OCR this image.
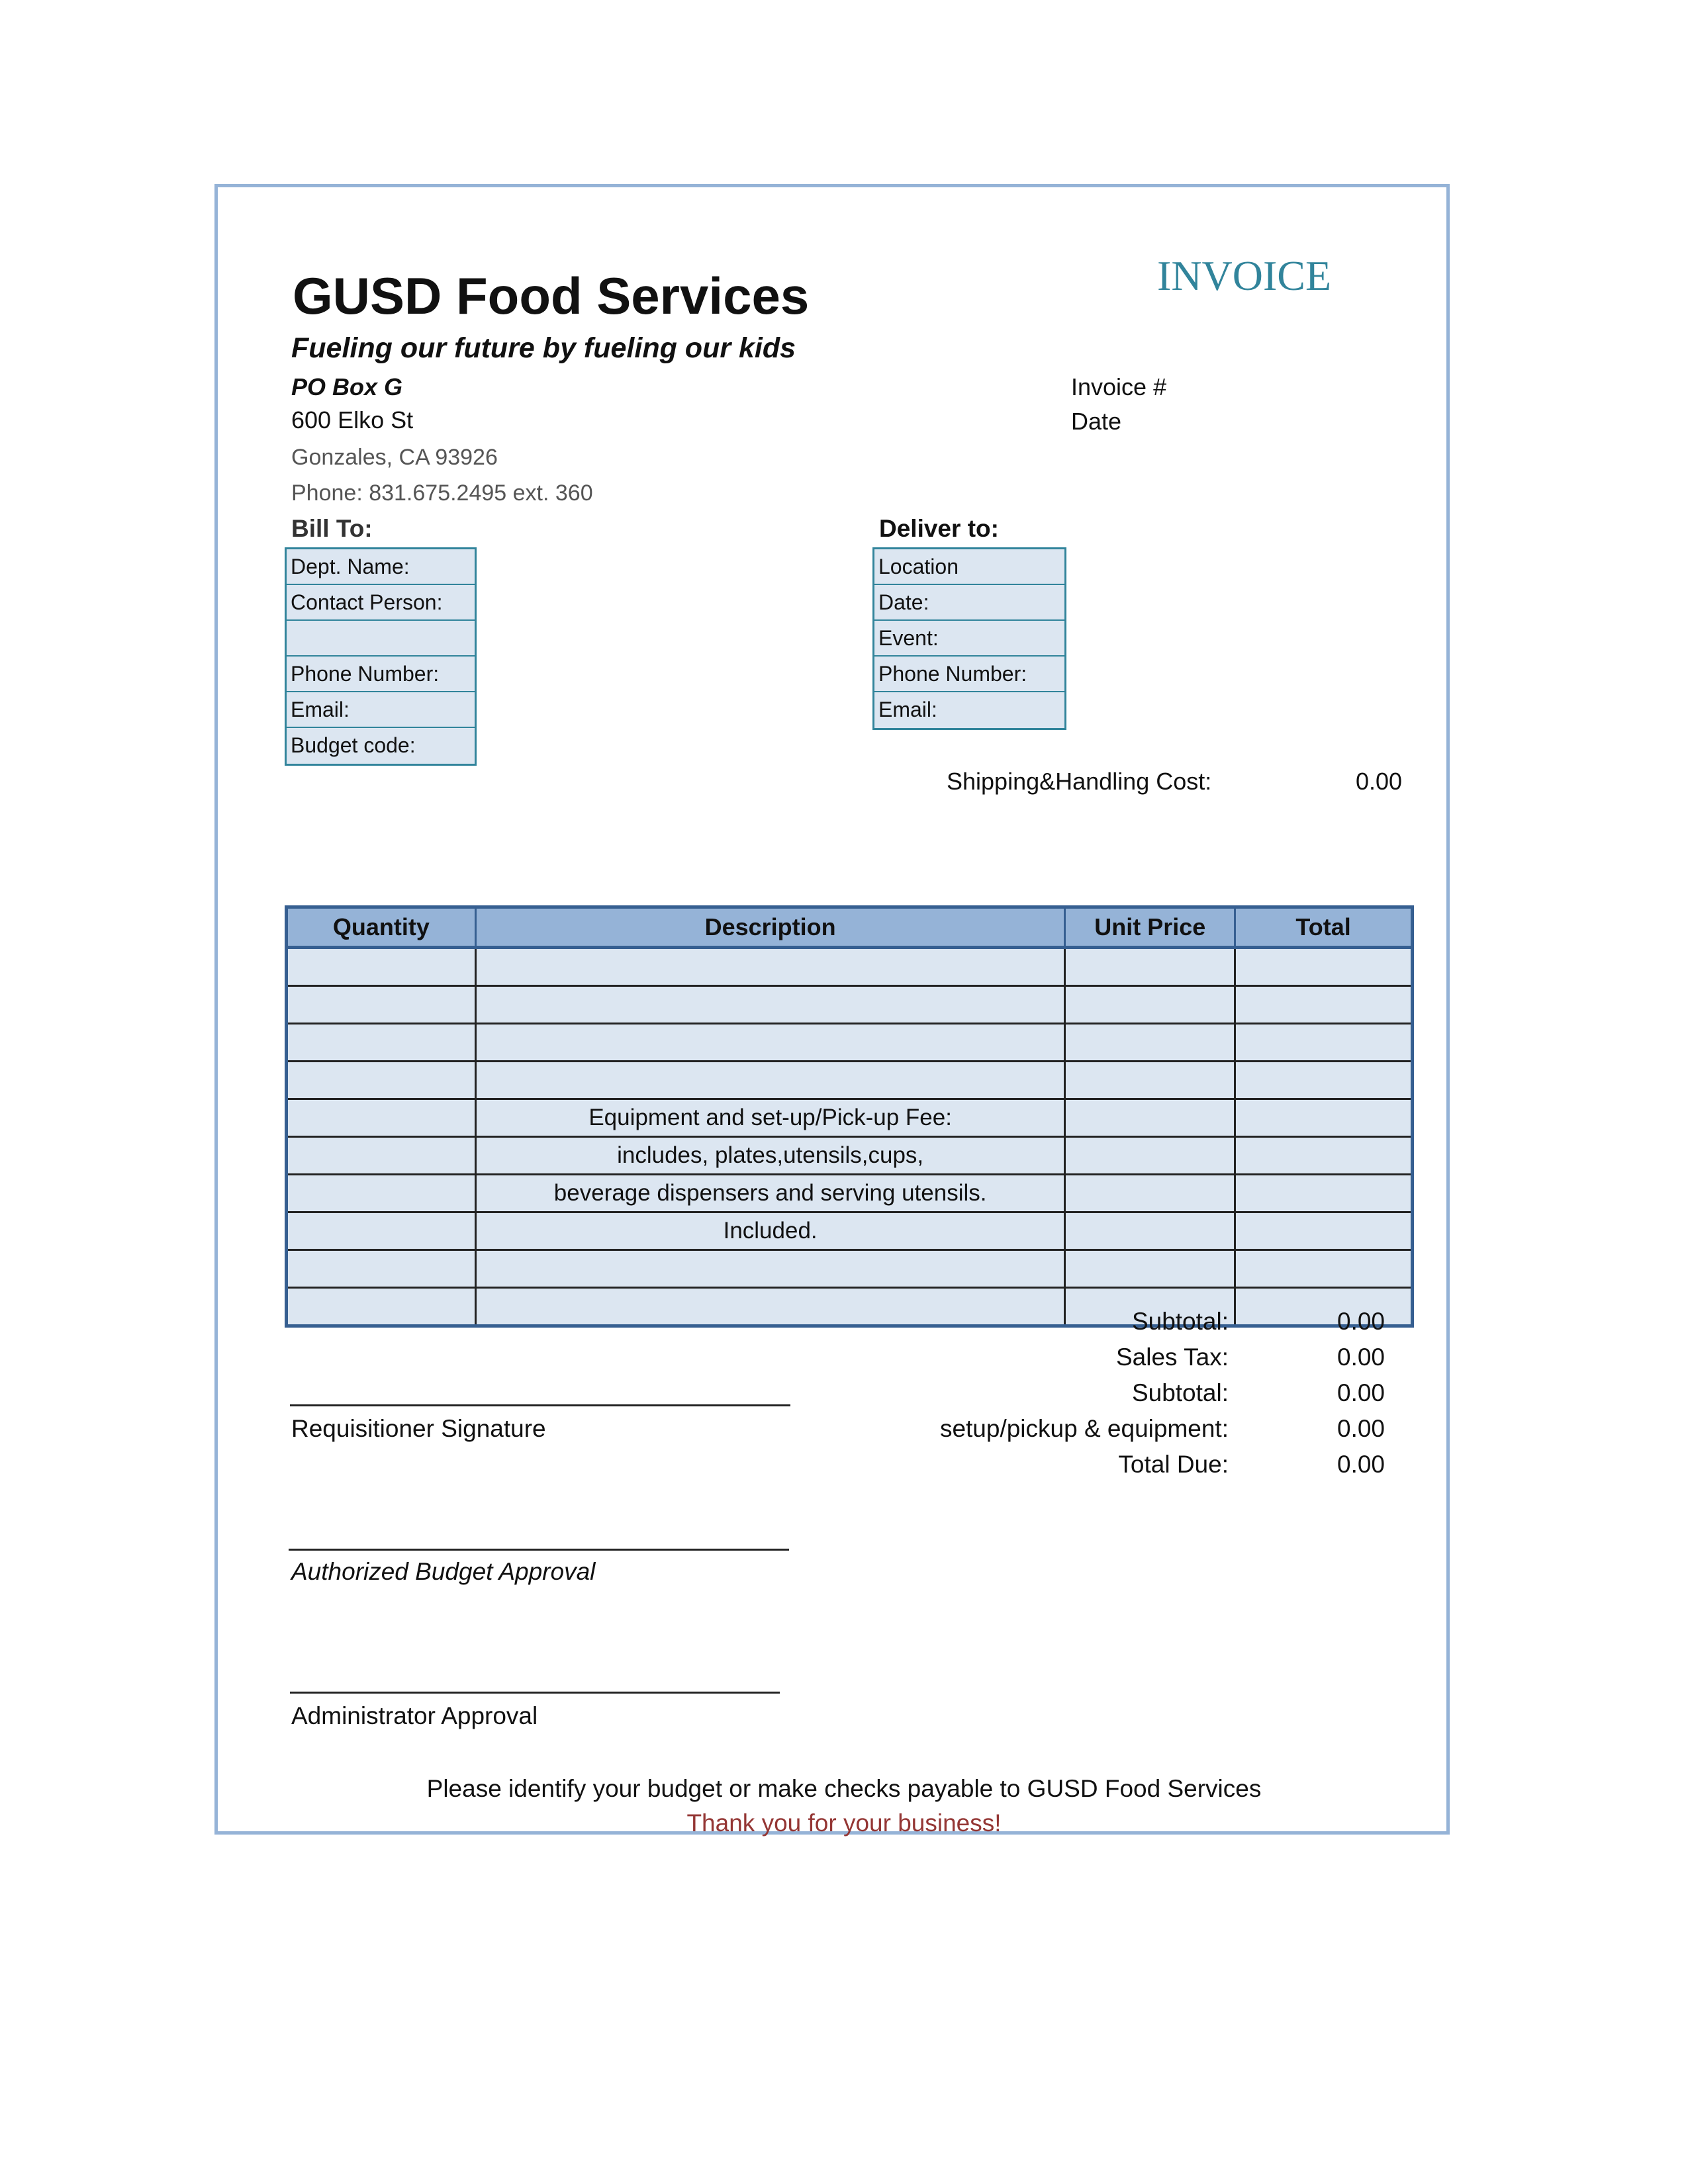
GUSD Food Services
Fueling our future by fueling our kids
PO Box G
600 Elko St
Gonzales, CA 93926
Phone: 831.675.2495 ext. 360
INVOICE
Invoice #
Date
Bill To:
Dept. Name:
Contact Person:
Phone Number:
Email:
Budget code:
Deliver to:
Location
Date:
Event:
Phone Number:
Email:
Shipping&Handling Cost:	0.00
Quantity	Description	Unit Price	Total

	Equipment and set-up/Pick-up Fee:		
	includes, plates,utensils,cups,		
	beverage dispensers and serving utensils.		
	Included.		

Subtotal:	0.00
Sales Tax:	0.00
Subtotal:	0.00
setup/pickup & equipment:	0.00
Total Due:	0.00
Requisitioner Signature
Authorized Budget Approval
Administrator Approval
Please identify your budget or make checks payable to GUSD Food Services
Thank you for your business!
